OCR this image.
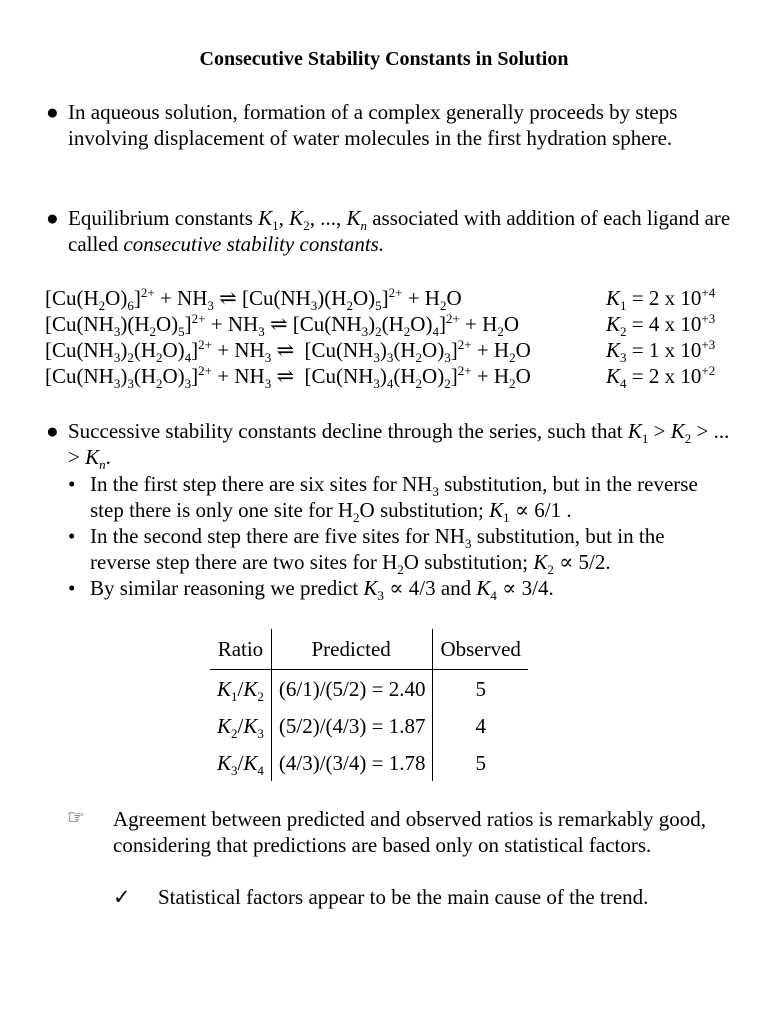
Consecutive Stability Constants in Solution
● In aqueous solution, formation of a complex generally proceeds by steps involving displacement of water molecules in the first hydration sphere.
● Equilibrium constants $K_1$, $K_2$, ..., $K_n$ associated with addition of each ligand are called consecutive stability constants.
$[Cu(H_2O)_6]^{2+} + NH_3$ ⇌ $[Cu(NH_3)(H_2O)_5]^{2+} + H_2O$	$K_1 = 2$ x $10^{+4}$
$[Cu(NH_3)(H_2O)_5]^{2+} + NH_3$ ⇌ $[Cu(NH_3)_2(H_2O)_4]^{2+} + H_2O$	$K_2 = 4$ x $10^{+3}$
$[Cu(NH_3)_2(H_2O)_4]^{2+} + NH_3$ ⇌  $[Cu(NH_3)_3(H_2O)_3]^{2+} + H_2O$	$K_3 = 1$ x $10^{+3}$
$[Cu(NH_3)_3(H_2O)_3]^{2+} + NH_3$ ⇌  $[Cu(NH_3)_4(H_2O)_2]^{2+} + H_2O$	$K_4 = 2$ x $10^{+2}$
● Successive stability constants decline through the series, such that $K_1 > K_2$ > ... > $K_n$.
• In the first step there are six sites for $NH_3$ substitution, but in the reverse step there is only one site for $H_2O$ substitution; $K_1 \propto 6/1$ .
• In the second step there are five sites for $NH_3$ substitution, but in the reverse step there are two sites for $H_2O$ substitution; $K_2 \propto 5/2$.
• By similar reasoning we predict $K_3 \propto 4/3$ and $K_4 \propto 3/4$.
Ratio	Predicted	Observed
$K_1/K_2$	(6/1)/(5/2) = 2.40	5
$K_2/K_3$	(5/2)/(4/3) = 1.87	4
$K_3/K_4$	(4/3)/(3/4) = 1.78	5
☞ Agreement between predicted and observed ratios is remarkably good, considering that predictions are based only on statistical factors.
✓ Statistical factors appear to be the main cause of the trend.
